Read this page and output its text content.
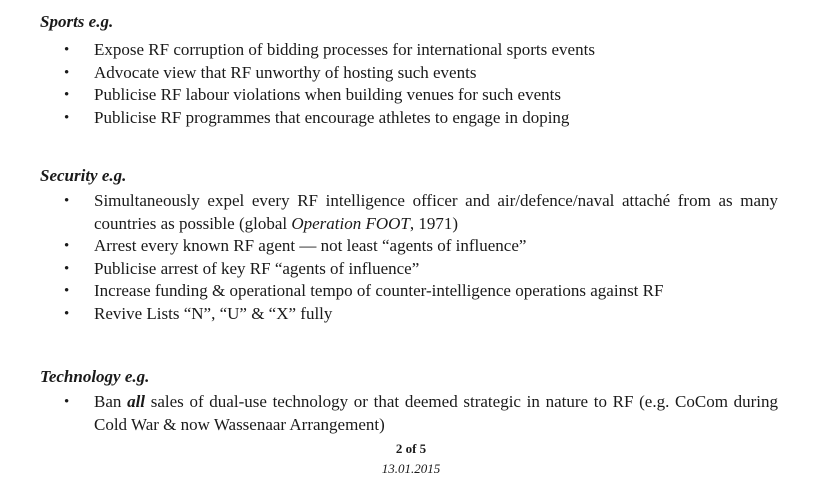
Sports e.g.
• Expose RF corruption of bidding processes for international sports events
• Advocate view that RF unworthy of hosting such events
• Publicise RF labour violations when building venues for such events
• Publicise RF programmes that encourage athletes to engage in doping
Security e.g.
• Simultaneously expel every RF intelligence officer and air/defence/naval attaché from as many countries as possible (global Operation FOOT, 1971)
• Arrest every known RF agent — not least “agents of influence”
• Publicise arrest of key RF “agents of influence”
• Increase funding & operational tempo of counter-intelligence operations against RF
• Revive Lists “N”, “U” & “X” fully
Technology e.g.
• Ban all sales of dual-use technology or that deemed strategic in nature to RF (e.g. CoCom during Cold War & now Wassenaar Arrangement)
2 of 5
13.01.2015
